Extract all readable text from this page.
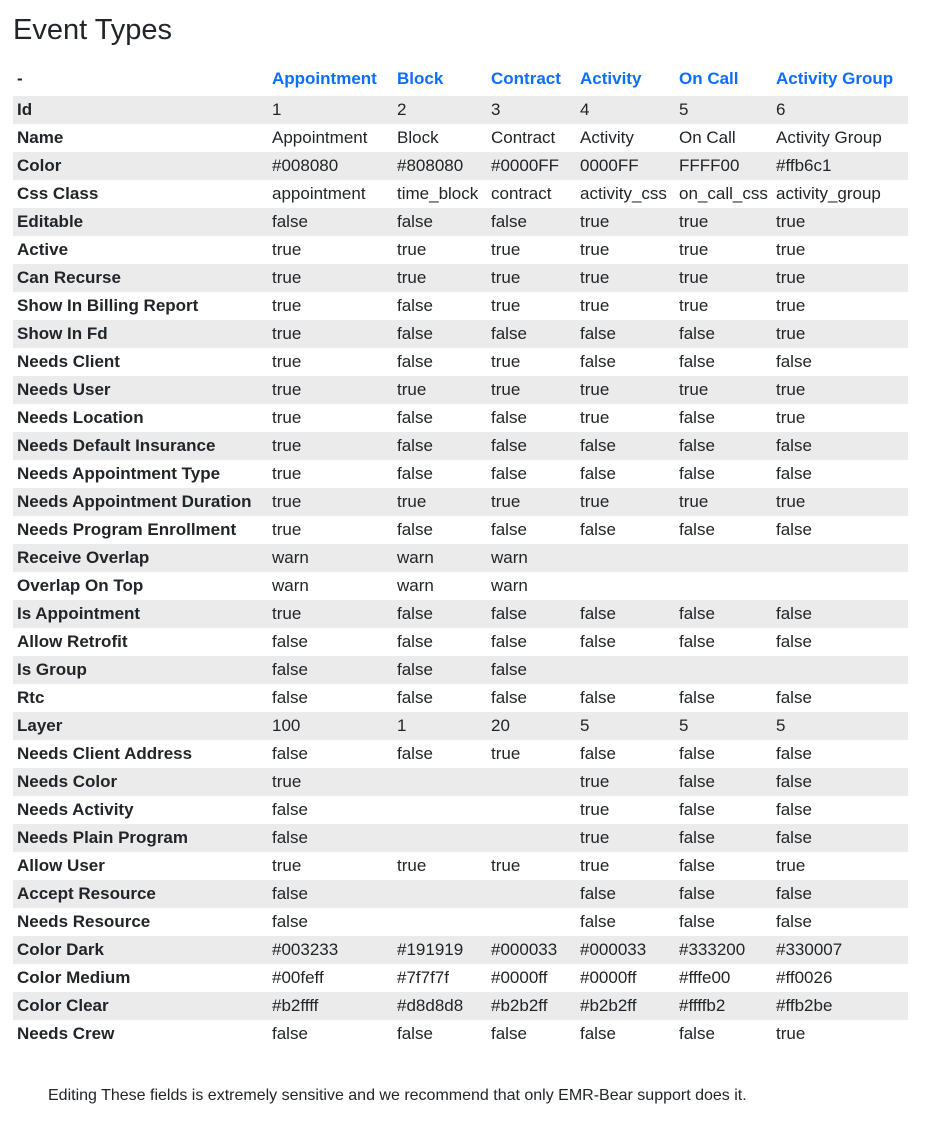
Event Types
-	Appointment	Block	Contract	Activity	On Call	Activity Group
Id	1	2	3	4	5	6
Name	Appointment	Block	Contract	Activity	On Call	Activity Group
Color	#008080	#808080	#0000FF	0000FF	FFFF00	#ffb6c1
Css Class	appointment	time_block	contract	activity_css	on_call_css	activity_group
Editable	false	false	false	true	true	true
Active	true	true	true	true	true	true
Can Recurse	true	true	true	true	true	true
Show In Billing Report	true	false	true	true	true	true
Show In Fd	true	false	false	false	false	true
Needs Client	true	false	true	false	false	false
Needs User	true	true	true	true	true	true
Needs Location	true	false	false	true	false	true
Needs Default Insurance	true	false	false	false	false	false
Needs Appointment Type	true	false	false	false	false	false
Needs Appointment Duration	true	true	true	true	true	true
Needs Program Enrollment	true	false	false	false	false	false
Receive Overlap	warn	warn	warn			
Overlap On Top	warn	warn	warn			
Is Appointment	true	false	false	false	false	false
Allow Retrofit	false	false	false	false	false	false
Is Group	false	false	false			
Rtc	false	false	false	false	false	false
Layer	100	1	20	5	5	5
Needs Client Address	false	false	true	false	false	false
Needs Color	true			true	false	false
Needs Activity	false			true	false	false
Needs Plain Program	false			true	false	false
Allow User	true	true	true	true	false	true
Accept Resource	false			false	false	false
Needs Resource	false			false	false	false
Color Dark	#003233	#191919	#000033	#000033	#333200	#330007
Color Medium	#00feff	#7f7f7f	#0000ff	#0000ff	#fffe00	#ff0026
Color Clear	#b2ffff	#d8d8d8	#b2b2ff	#b2b2ff	#ffffb2	#ffb2be
Needs Crew	false	false	false	false	false	true

Editing These fields is extremely sensitive and we recommend that only EMR-Bear support does it.
